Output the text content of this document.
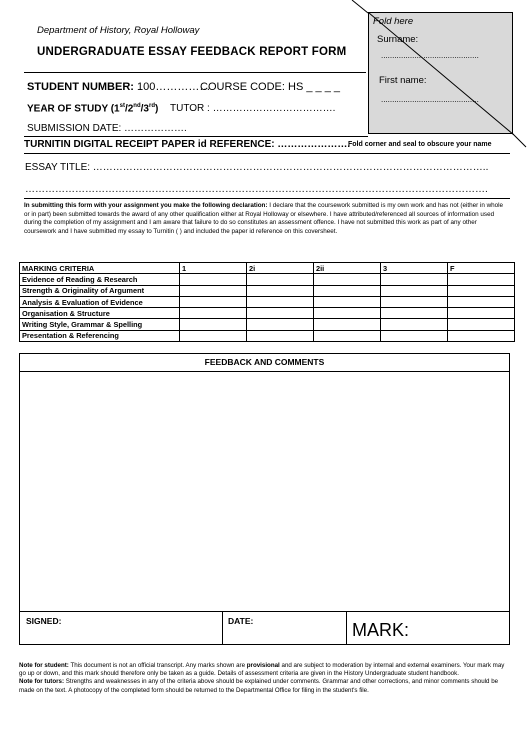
Department of History, Royal Holloway
UNDERGRADUATE ESSAY FEEDBACK REPORT FORM
Fold here
Surname:
............................................
First name:
............................................
Fold corner and seal to obscure your name
STUDENT NUMBER: 100……………
COURSE CODE: HS _ _ _ _
YEAR OF STUDY (1st/2nd/3rd) TUTOR : ……………………………….
SUBMISSION DATE: ……………….
TURNITIN DIGITAL RECEIPT PAPER id REFERENCE: ………………….
ESSAY TITLE: ………………………………………………………………………………………………………..
………………………………………………………………………………………………………………………….
In submitting this form with your assignment you make the following declaration: I declare that the coursework submitted is my own work and has not (either in whole or in part) been submitted towards the award of any other qualification either at Royal Holloway or elsewhere. I have attributed/referenced all sources of information used during the completion of my assignment and I am aware that failure to do so constitutes an assessment offence. I have not submitted this work as part of any other coursework and I have submitted my essay to Turnitin ( ) and included the paper id reference on this coversheet.
MARKING CRITERIA	1	2i	2ii	3	F
Evidence of Reading & Research					
Strength & Originality of Argument					
Analysis & Evaluation of Evidence					
Organisation & Structure					
Writing Style, Grammar & Spelling					
Presentation & Referencing					
FEEDBACK AND COMMENTS
SIGNED:	DATE:	MARK:
Note for student: This document is not an official transcript. Any marks shown are provisional and are subject to moderation by internal and external examiners. Your mark may go up or down, and this mark should therefore only be taken as a guide. Details of assessment criteria are given in the History Undergraduate student handbook.
Note for tutors: Strengths and weaknesses in any of the criteria above should be explained under comments. Grammar and other corrections, and minor comments should be made on the text. A photocopy of the completed form should be returned to the Departmental Office for filing in the student's file.
